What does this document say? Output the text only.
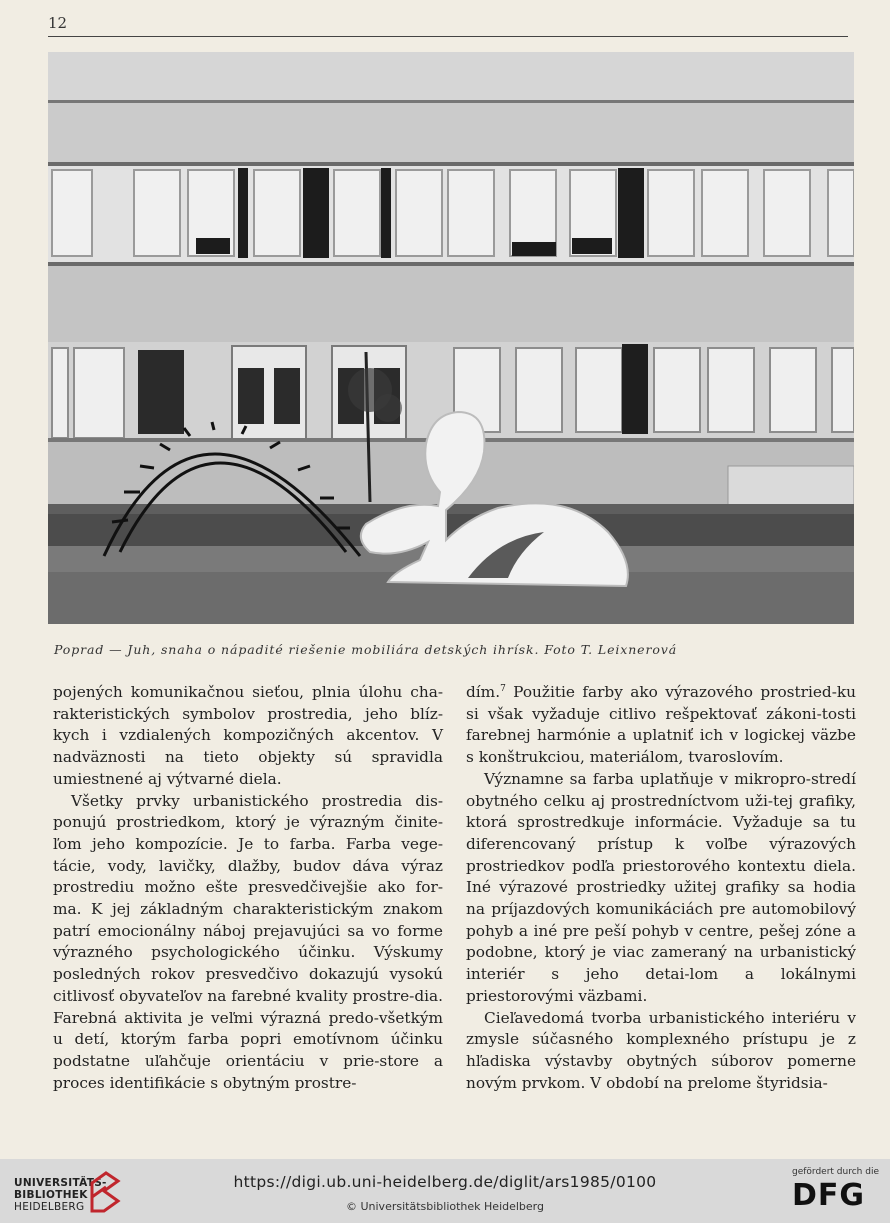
12
Poprad — Juh, snaha o nápadité riešenie mobiliára detských ihrísk. Foto T. Leixnerová

pojených komunikačnou sieťou, plnia úlohu cha-rakteristických symbolov prostredia, jeho blíz-kych i vzdialených kompozičných akcentov. V nadväznosti na tieto objekty sú spravidla umiestnené aj výtvarné diela.

Všetky prvky urbanistického prostredia dis-ponujú prostriedkom, ktorý je výrazným činite-ľom jeho kompozície. Je to farba. Farba vege-tácie, vody, lavičky, dlažby, budov dáva výraz prostrediu možno ešte presvedčivejšie ako for-ma. K jej základným charakteristickým znakom patrí emocionálny náboj prejavujúci sa vo forme výrazného psychologického účinku. Výskumy posledných rokov presvedčivo dokazujú vysokú citlivosť obyvateľov na farebné kvality prostre-dia. Farebná aktivita je veľmi výrazná predo-všetkým u detí, ktorým farba popri emotívnom účinku podstatne uľahčuje orientáciu v prie-store a proces identifikácie s obytným prostre-

dím.$^7$ Použitie farby ako výrazového prostried-ku si však vyžaduje citlivo rešpektovať zákoni-tosti farebnej harmónie a uplatniť ich v logickej väzbe s konštrukciou, materiálom, tvaroslovím.

Významne sa farba uplatňuje v mikropro-stredí obytného celku aj prostredníctvom uži-tej grafiky, ktorá sprostredkuje informácie. Vyžaduje sa tu diferencovaný prístup k voľbe výrazových prostriedkov podľa priestorového kontextu diela. Iné výrazové prostriedky užitej grafiky sa hodia na príjazdových komunikáciách pre automobilový pohyb a iné pre peší pohyb v centre, pešej zóne a podobne, ktorý je viac zameraný na urbanistický interiér s jeho detai-lom a lokálnymi priestorovými väzbami.

Cieľavedomá tvorba urbanistického interiéru v zmysle súčasného komplexného prístupu je z hľadiska výstavby obytných súborov pomerne novým prvkom. V období na prelome štyridsia-

UNIVERSITÄTS-
BIBLIOTHEK
HEIDELBERG
https://digi.ub.uni-heidelberg.de/diglit/ars1985/0100
© Universitätsbibliothek Heidelberg
gefördert durch die
DFG
